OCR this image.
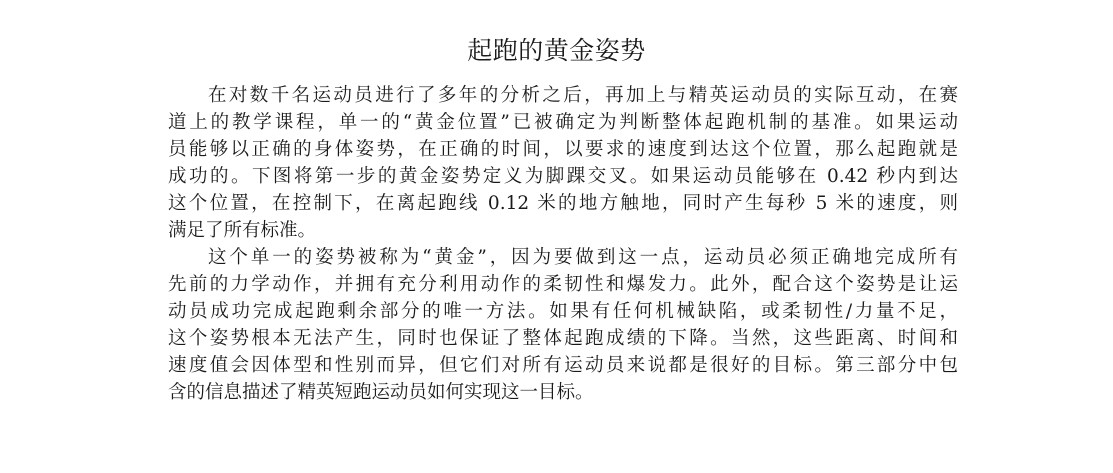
起跑的黄金姿势
在对数千名运动员进行了多年的分析之后，再加上与精英运动员的实际互动，在赛
道上的教学课程，单一的“黄金位置”已被确定为判断整体起跑机制的基准。如果运动
员能够以正确的身体姿势，在正确的时间，以要求的速度到达这个位置，那么起跑就是
成功的。下图将第一步的黄金姿势定义为脚踝交叉。如果运动员能够在 0.42 秒内到达
这个位置，在控制下，在离起跑线 0.12 米的地方触地，同时产生每秒 5 米的速度，则
满足了所有标准。
这个单一的姿势被称为“黄金”，因为要做到这一点，运动员必须正确地完成所有
先前的力学动作，并拥有充分利用动作的柔韧性和爆发力。此外，配合这个姿势是让运
动员成功完成起跑剩余部分的唯一方法。如果有任何机械缺陷，或柔韧性/力量不足，
这个姿势根本无法产生，同时也保证了整体起跑成绩的下降。当然，这些距离、时间和
速度值会因体型和性别而异，但它们对所有运动员来说都是很好的目标。第三部分中包
含的信息描述了精英短跑运动员如何实现这一目标。
